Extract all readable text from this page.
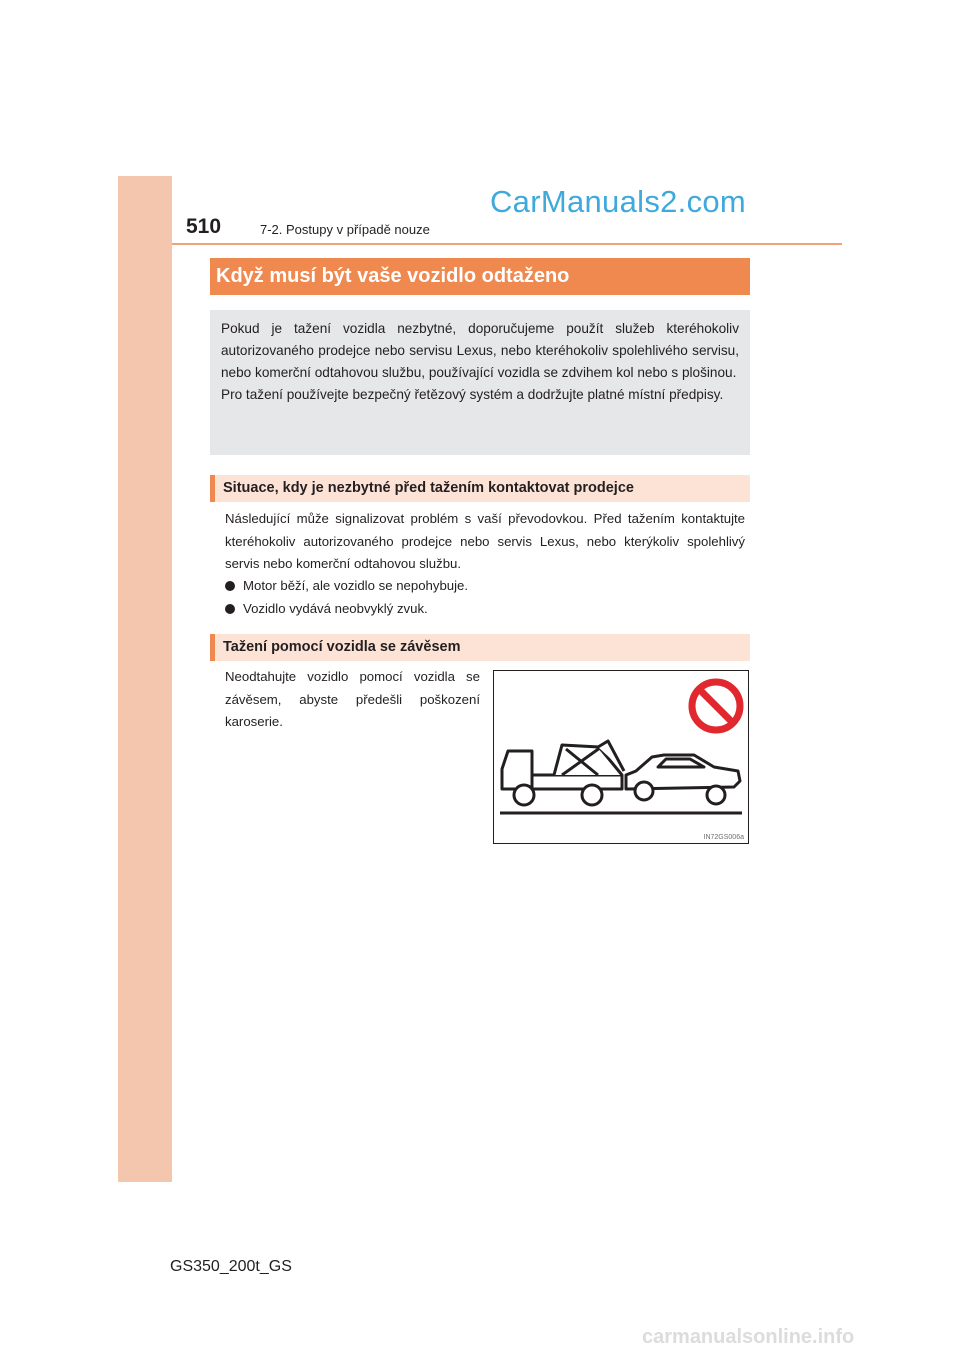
510	7-2. Postupy v případě nouze
CarManuals2.com
Když musí být vaše vozidlo odtaženo

Pokud je tažení vozidla nezbytné, doporučujeme použít služeb kteréhokoliv autorizovaného prodejce nebo servisu Lexus, nebo kteréhokoliv spolehlivého servisu, nebo komerční odtahovou službu, používající vozidla se zdvihem kol nebo s plošinou.

Pro tažení používejte bezpečný řetězový systém a dodržujte platné místní předpisy.

Situace, kdy je nezbytné před tažením kontaktovat prodejce
Následující může signalizovat problém s vaší převodovkou. Před tažením kontaktujte kteréhokoliv autorizovaného prodejce nebo servis Lexus, nebo kterýkoliv spolehlivý servis nebo komerční odtahovou službu.
Motor běží, ale vozidlo se nepohybuje.
Vozidlo vydává neobvyklý zvuk.
Tažení pomocí vozidla se závěsem
Neodtahujte vozidlo pomocí vozidla se závěsem, abyste předešli poškození karoserie.
IN72GS006a
GS350_200t_GS
carmanualsonline.info
